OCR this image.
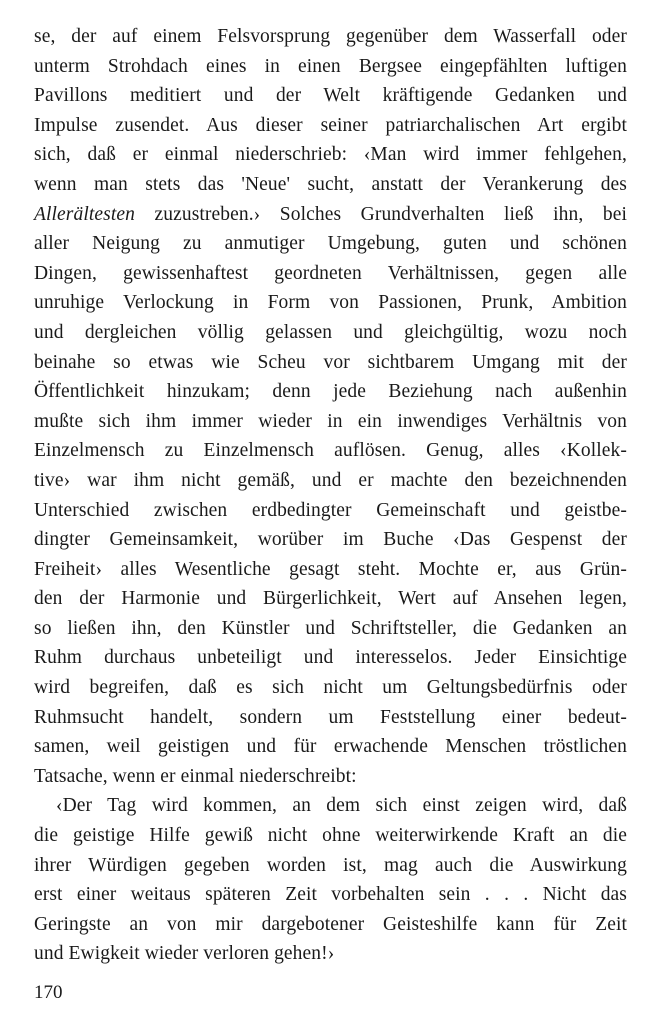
se, der auf einem Felsvorsprung gegenüber dem Wasserfall oder
unterm Strohdach eines in einen Bergsee eingepfählten luftigen
Pavillons meditiert und der Welt kräftigende Gedanken und
Impulse zusendet. Aus dieser seiner patriarchalischen Art ergibt
sich, daß er einmal niederschrieb: ‹Man wird immer fehlgehen,
wenn man stets das 'Neue' sucht, anstatt der Verankerung des
Allerältesten zuzustreben.› Solches Grundverhalten ließ ihn, bei
aller Neigung zu anmutiger Umgebung, guten und schönen
Dingen, gewissenhaftest geordneten Verhältnissen, gegen alle
unruhige Verlockung in Form von Passionen, Prunk, Ambition
und dergleichen völlig gelassen und gleichgültig, wozu noch
beinahe so etwas wie Scheu vor sichtbarem Umgang mit der
Öffentlichkeit hinzukam; denn jede Beziehung nach außenhin
mußte sich ihm immer wieder in ein inwendiges Verhältnis von
Einzelmensch zu Einzelmensch auflösen. Genug, alles ‹Kollek-
tive› war ihm nicht gemäß, und er machte den bezeichnenden
Unterschied zwischen erdbedingter Gemeinschaft und geistbe-
dingter Gemeinsamkeit, worüber im Buche ‹Das Gespenst der
Freiheit› alles Wesentliche gesagt steht. Mochte er, aus Grün-
den der Harmonie und Bürgerlichkeit, Wert auf Ansehen legen,
so ließen ihn, den Künstler und Schriftsteller, die Gedanken an
Ruhm durchaus unbeteiligt und interesselos. Jeder Einsichtige
wird begreifen, daß es sich nicht um Geltungsbedürfnis oder
Ruhmsucht handelt, sondern um Feststellung einer bedeut-
samen, weil geistigen und für erwachende Menschen tröstlichen
Tatsache, wenn er einmal niederschreibt:
‹Der Tag wird kommen, an dem sich einst zeigen wird, daß
die geistige Hilfe gewiß nicht ohne weiterwirkende Kraft an die
ihrer Würdigen gegeben worden ist, mag auch die Auswirkung
erst einer weitaus späteren Zeit vorbehalten sein . . . Nicht das
Geringste an von mir dargebotener Geisteshilfe kann für Zeit
und Ewigkeit wieder verloren gehen!›
170
